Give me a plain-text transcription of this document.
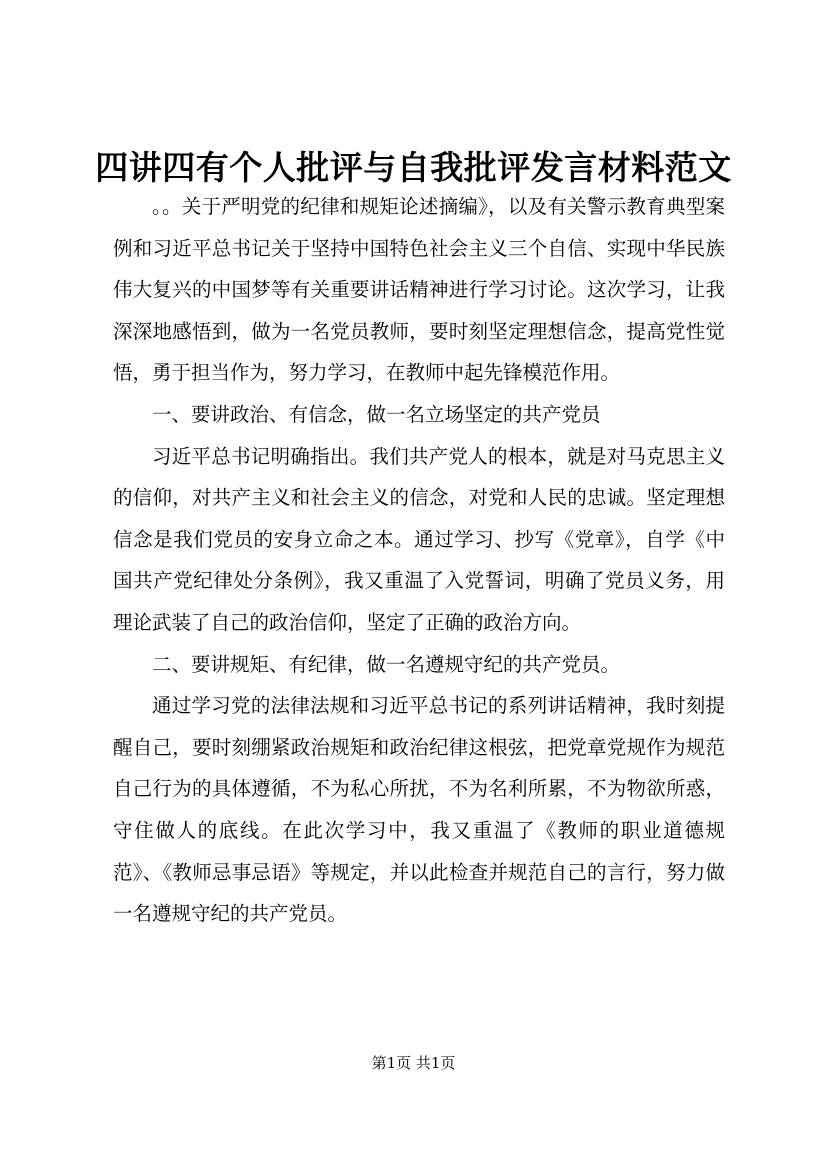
四讲四有个人批评与自我批评发言材料范文

。。关于严明党的纪律和规矩论述摘编》，以及有关警示教育典型案例和习近平总书记关于坚持中国特色社会主义三个自信、实现中华民族伟大复兴的中国梦等有关重要讲话精神进行学习讨论。这次学习，让我深深地感悟到，做为一名党员教师，要时刻坚定理想信念，提高党性觉悟，勇于担当作为，努力学习，在教师中起先锋模范作用。

一、要讲政治、有信念，做一名立场坚定的共产党员

习近平总书记明确指出。我们共产党人的根本，就是对马克思主义的信仰，对共产主义和社会主义的信念，对党和人民的忠诚。坚定理想信念是我们党员的安身立命之本。通过学习、抄写《党章》，自学《中国共产党纪律处分条例》，我又重温了入党誓词，明确了党员义务，用理论武装了自己的政治信仰，坚定了正确的政治方向。

二、要讲规矩、有纪律，做一名遵规守纪的共产党员。

通过学习党的法律法规和习近平总书记的系列讲话精神，我时刻提醒自己，要时刻绷紧政治规矩和政治纪律这根弦，把党章党规作为规范自己行为的具体遵循，不为私心所扰，不为名利所累，不为物欲所惑，守住做人的底线。在此次学习中，我又重温了《教师的职业道德规范》、《教师忌事忌语》等规定，并以此检查并规范自己的言行，努力做一名遵规守纪的共产党员。

第1页 共1页
